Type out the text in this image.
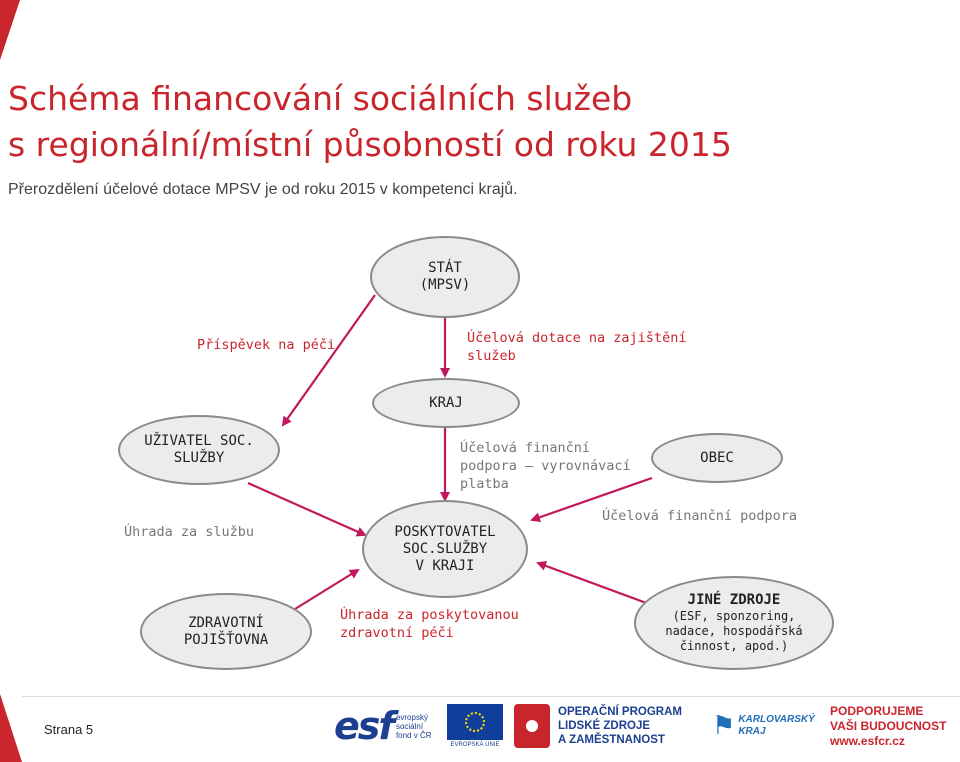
Schéma financování sociálních služeb
s regionální/místní působností od roku 2015
Přerozdělení účelové dotace MPSV je od roku 2015 v kompetenci krajů.
STÁT
(MPSV)
KRAJ
UŽIVATEL SOC.
SLUŽBY	OBEC
POSKYTOVATEL
SOC.SLUŽBY
V KRAJI
ZDRAVOTNÍ
POJIŠŤOVNA
JINÉ ZDROJE
(ESF, sponzoring,
nadace, hospodářská
činnost, apod.)
Příspěvek na péči	Účelová dotace na zajištění
služeb
Účelová finanční
podpora – vyrovnávací
platba
Účelová finanční podpora
Úhrada za službu
Úhrada za poskytovanou
zdravotní péči
Strana 5	esf evropský
sociální
fond v ČR
EVROPSKÁ UNIE
OPERAČNÍ PROGRAM
LIDSKÉ ZDROJE
A ZAMĚSTNANOST	⚑ KARLOVARSKÝ
KRAJ
PODPORUJEME
VAŠI BUDOUCNOST
www.esfcr.cz
